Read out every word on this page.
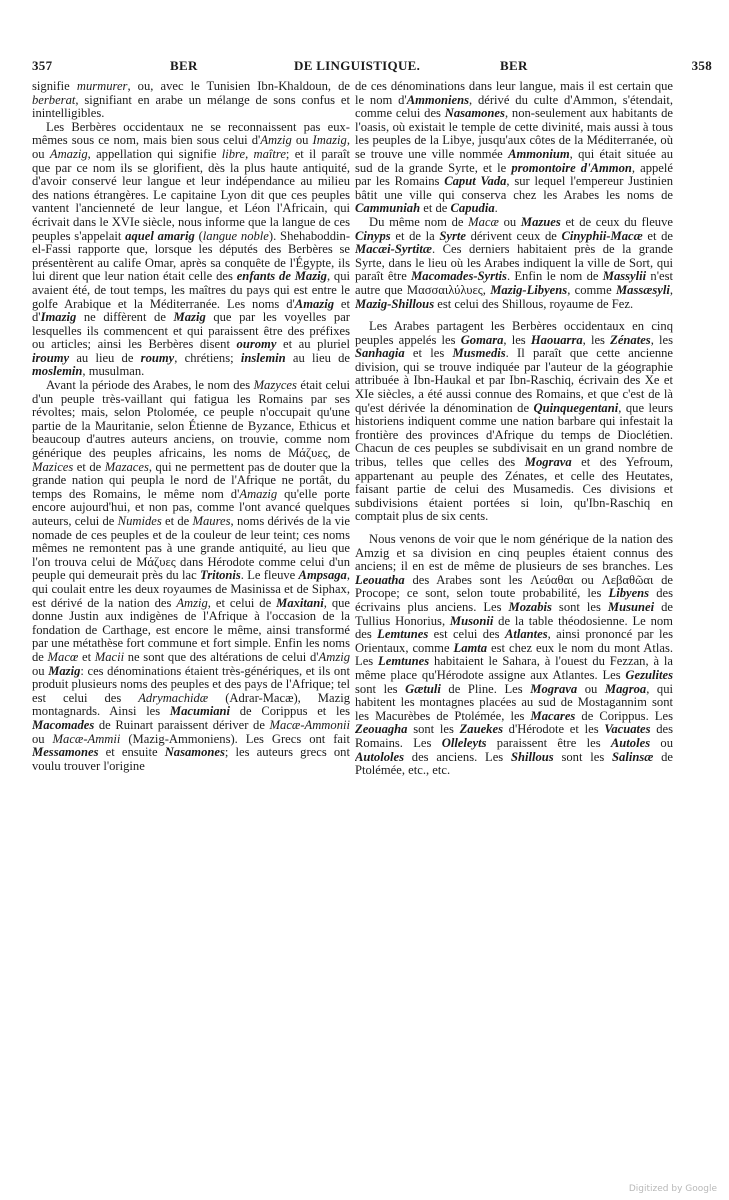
357	BER	DE LINGUISTIQUE.	BER	358

signifie murmurer, ou, avec le Tunisien Ibn-Khaldoun, de berberat, signifiant en arabe un mélange de sons confus et inintelligibles.

Les Berbères occidentaux ne se reconnaissent pas eux-mêmes sous ce nom, mais bien sous celui d'Amzig ou Imazig, ou Amazig, appellation qui signifie libre, maître; et il paraît que par ce nom ils se glorifient, dès la plus haute antiquité, d'avoir conservé leur langue et leur indépendance au milieu des nations étrangères. Le capitaine Lyon dit que ces peuples vantent l'ancienneté de leur langue, et Léon l'Africain, qui écrivait dans le XVIe siècle, nous informe que la langue de ces peuples s'appelait aquel amarig (langue noble). Shehaboddin-el-Fassi rapporte que, lorsque les députés des Berbères se présentèrent au calife Omar, après sa conquête de l'Égypte, ils lui dirent que leur nation était celle des enfants de Mazig, qui avaient été, de tout temps, les maîtres du pays qui est entre le golfe Arabique et la Méditerranée. Les noms d'Amazig et d'Imazig ne diffèrent de Mazig que par les voyelles par lesquelles ils commencent et qui paraissent être des préfixes ou articles; ainsi les Berbères disent ouromy et au pluriel iroumy au lieu de roumy, chrétiens; inslemin au lieu de moslemin, musulman.

Avant la période des Arabes, le nom des Mazyces était celui d'un peuple très-vaillant qui fatigua les Romains par ses révoltes; mais, selon Ptolomée, ce peuple n'occupait qu'une partie de la Mauritanie, selon Étienne de Byzance, Ethicus et beaucoup d'autres auteurs anciens, on trouvie, comme nom générique des peuples africains, les noms de Μάζυες, de Mazices et de Mazaces, qui ne permettent pas de douter que la grande nation qui peupla le nord de l'Afrique ne portât, du temps des Romains, le même nom d'Amazig qu'elle porte encore aujourd'hui, et non pas, comme l'ont avancé quelques auteurs, celui de Numides et de Maures, noms dérivés de la vie nomade de ces peuples et de la couleur de leur teint; ces noms mêmes ne remontent pas à une grande antiquité, au lieu que l'on trouva celui de Μάζυες dans Hérodote comme celui d'un peuple qui demeurait près du lac Tritonis. Le fleuve Ampsaga, qui coulait entre les deux royaumes de Masinissa et de Siphax, est dérivé de la nation des Amzig, et celui de Maxitani, que donne Justin aux indigènes de l'Afrique à l'occasion de la fondation de Carthage, est encore le même, ainsi transformé par une métathèse fort commune et fort simple. Enfin les noms de Macœ et Macii ne sont que des altérations de celui d'Amzig ou Mazig: ces dénominations étaient très-génériques, et ils ont produit plusieurs noms des peuples et des pays de l'Afrique; tel est celui des Adrymachidæ (Adrar-Macæ), Mazig montagnards. Ainsi les Macumiani de Corippus et les Macomades de Ruinart paraissent dériver de Macæ-Ammonii ou Macæ-Ammii (Mazig-Ammoniens). Les Grecs ont fait Messamones et ensuite Nasamones; les auteurs grecs ont voulu trouver l'origine

de ces dénominations dans leur langue, mais il est certain que le nom d'Ammoniens, dérivé du culte d'Ammon, s'étendait, comme celui des Nasamones, non-seulement aux habitants de l'oasis, où existait le temple de cette divinité, mais aussi à tous les peuples de la Libye, jusqu'aux côtes de la Méditerranée, où se trouve une ville nommée Ammonium, qui était située au sud de la grande Syrte, et le promontoire d'Ammon, appelé par les Romains Caput Vada, sur lequel l'empereur Justinien bâtit une ville qui conserva chez les Arabes les noms de Cammuniah et de Capudia.

Du même nom de Macæ ou Mazues et de ceux du fleuve Cinyps et de la Syrte dérivent ceux de Cinyphii-Macæ et de Macæi-Syrtitæ. Ces derniers habitaient près de la grande Syrte, dans le lieu où les Arabes indiquent la ville de Sort, qui paraît être Macomades-Syrtis. Enfin le nom de Massylii n'est autre que Μασσαιλύλυες, Mazig-Libyens, comme Massæsyli, Mazig-Shillous est celui des Shillous, royaume de Fez.

Les Arabes partagent les Berbères occidentaux en cinq peuples appelés les Gomara, les Haouarra, les Zénates, les Sanhagia et les Musmedis. Il paraît que cette ancienne division, qui se trouve indiquée par l'auteur de la géographie attribuée à Ibn-Haukal et par Ibn-Raschiq, écrivain des Xe et XIe siècles, a été aussi connue des Romains, et que c'est de là qu'est dérivée la dénomination de Quinquegentani, que leurs historiens indiquent comme une nation barbare qui infestait la frontière des provinces d'Afrique du temps de Dioclétien. Chacun de ces peuples se subdivisait en un grand nombre de tribus, telles que celles des Mograva et des Yefroum, appartenant au peuple des Zénates, et celle des Heutates, faisant partie de celui des Musamedis. Ces divisions et subdivisions étaient portées si loin, qu'Ibn-Raschiq en comptait plus de six cents.

Nous venons de voir que le nom générique de la nation des Amzig et sa division en cinq peuples étaient connus des anciens; il en est de même de plusieurs de ses branches. Les Leouatha des Arabes sont les Λεύαθαι ou Λεβαθῶαι de Procope; ce sont, selon toute probabilité, les Libyens des écrivains plus anciens. Les Mozabis sont les Musunei de Tullius Honorius, Musonii de la table théodosienne. Le nom des Lemtunes est celui des Atlantes, ainsi prononcé par les Orientaux, comme Lamta est chez eux le nom du mont Atlas. Les Lemtunes habitaient le Sahara, à l'ouest du Fezzan, à la même place qu'Hérodote assigne aux Atlantes. Les Gezulites sont les Gætuli de Pline. Les Mograva ou Magroa, qui habitent les montagnes placées au sud de Mostagannim sont les Macurèbes de Ptolémée, les Macares de Corippus. Les Zeouagha sont les Zauekes d'Hérodote et les Vacuates des Romains. Les Olleleyts paraissent être les Autoles ou Autololes des anciens. Les Shillous sont les Salinsæ de Ptolémée, etc., etc.

Digitized by Google
